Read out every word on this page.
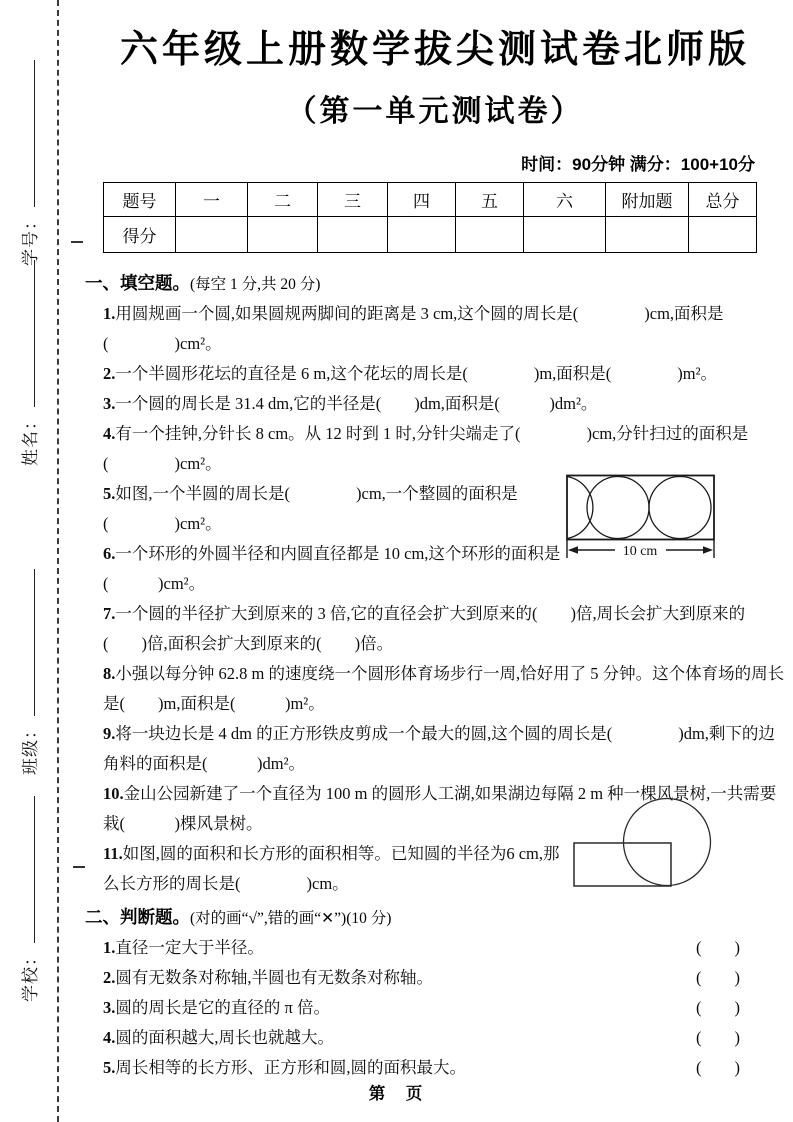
学号：
姓名：
班级：
学校：
六年级上册数学拔尖测试卷北师版
（第一单元测试卷）
时间：90分钟 满分：100+10分
题号	一	二	三	四	五	六	附加题	总分
得分								
一、填空题。(每空 1 分,共 20 分)
1.用圆规画一个圆,如果圆规两脚间的距离是 3 cm,这个圆的周长是(　　　　)cm,面积是(　　　　)cm²。
2.一个半圆形花坛的直径是 6 m,这个花坛的周长是(　　　　)m,面积是(　　　　)m²。
3.一个圆的周长是 31.4 dm,它的半径是(　　)dm,面积是(　　　)dm²。
4.有一个挂钟,分针长 8 cm。从 12 时到 1 时,分针尖端走了(　　　　)cm,分针扫过的面积是(　　　　)cm²。
5.如图,一个半圆的周长是(　　　　)cm,一个整圆的面积是(　　　　)cm²。
6.一个环形的外圆半径和内圆直径都是 10 cm,这个环形的面积是(　　　)cm²。
7.一个圆的半径扩大到原来的 3 倍,它的直径会扩大到原来的(　　)倍,周长会扩大到原来的(　　)倍,面积会扩大到原来的(　　)倍。
8.小强以每分钟 62.8 m 的速度绕一个圆形体育场步行一周,恰好用了 5 分钟。这个体育场的周长是(　　)m,面积是(　　　)m²。
9.将一块边长是 4 dm 的正方形铁皮剪成一个最大的圆,这个圆的周长是(　　　　)dm,剩下的边角料的面积是(　　　)dm²。
10.金山公园新建了一个直径为 100 m 的圆形人工湖,如果湖边每隔 2 m 种一棵风景树,一共需要栽(　　　)棵风景树。
11.如图,圆的面积和长方形的面积相等。已知圆的半径为6 cm,那么长方形的周长是(　　　　)cm。
二、判断题。(对的画“√”,错的画“✕”)(10 分)
1.直径一定大于半径。	(　　)
2.圆有无数条对称轴,半圆也有无数条对称轴。	(　　)
3.圆的周长是它的直径的 π 倍。	(　　)
4.圆的面积越大,周长也就越大。	(　　)
5.周长相等的长方形、正方形和圆,圆的面积最大。	(　　)
10 cm
第　页
